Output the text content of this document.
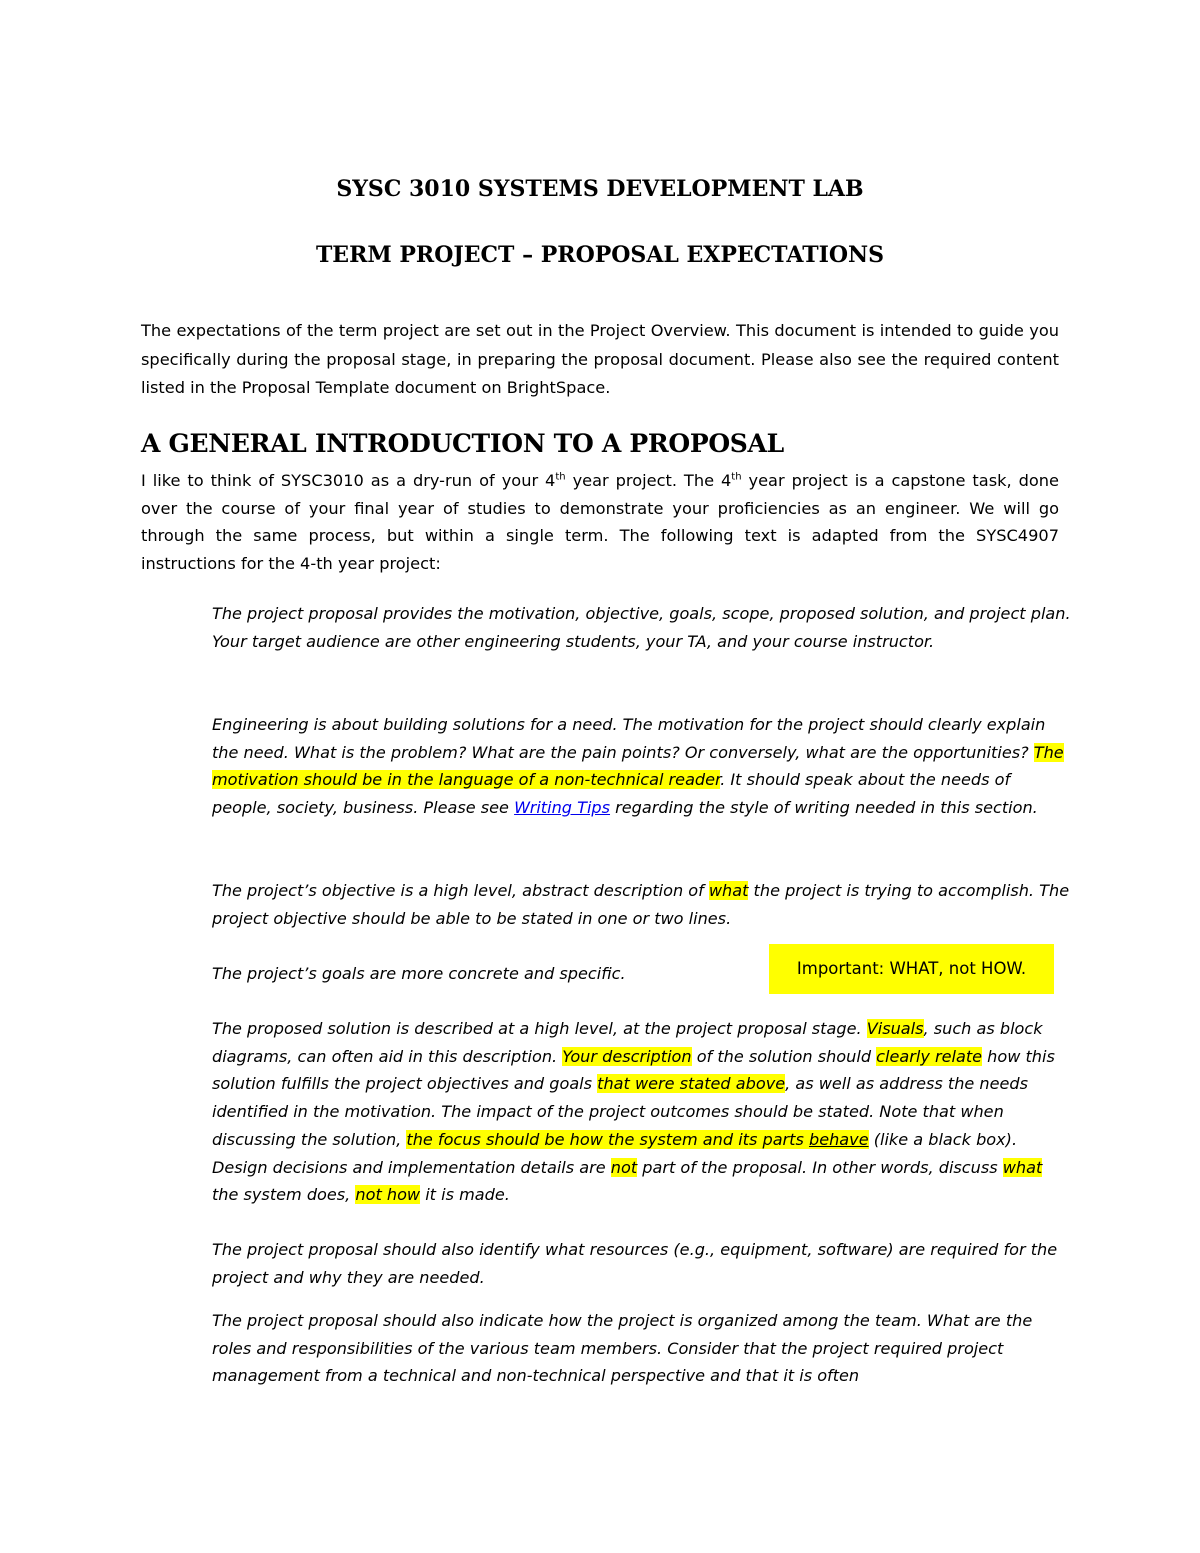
SYSC 3010 SYSTEMS DEVELOPMENT LAB
TERM PROJECT – PROPOSAL EXPECTATIONS

The expectations of the term project are set out in the Project Overview. This document is intended to guide you specifically during the proposal stage, in preparing the proposal document. Please also see the required content listed in the Proposal Template document on BrightSpace.

A GENERAL INTRODUCTION TO A PROPOSAL

I like to think of SYSC3010 as a dry-run of your 4th year project. The 4th year project is a capstone task, done over the course of your final year of studies to demonstrate your proficiencies as an engineer. We will go through the same process, but within a single term. The following text is adapted from the SYSC4907 instructions for the 4-th year project:

The project proposal provides the motivation, objective, goals, scope, proposed solution, and project plan. Your target audience are other engineering students, your TA, and your course instructor.

Engineering is about building solutions for a need. The motivation for the project should clearly explain the need. What is the problem? What are the pain points? Or conversely, what are the opportunities? The motivation should be in the language of a non-technical reader. It should speak about the needs of people, society, business. Please see Writing Tips regarding the style of writing needed in this section.

The project’s objective is a high level, abstract description of what the project is trying to accomplish. The project objective should be able to be stated in one or two lines.

The project’s goals are more concrete and specific.	Important: WHAT, not HOW.

The proposed solution is described at a high level, at the project proposal stage. Visuals, such as block diagrams, can often aid in this description. Your description of the solution should clearly relate how this solution fulfills the project objectives and goals that were stated above, as well as address the needs identified in the motivation. The impact of the project outcomes should be stated. Note that when discussing the solution, the focus should be how the system and its parts behave (like a black box). Design decisions and implementation details are not part of the proposal. In other words, discuss what the system does, not how it is made.

The project proposal should also identify what resources (e.g., equipment, software) are required for the project and why they are needed.

The project proposal should also indicate how the project is organized among the team. What are the roles and responsibilities of the various team members. Consider that the project required project management from a technical and non-technical perspective and that it is often
